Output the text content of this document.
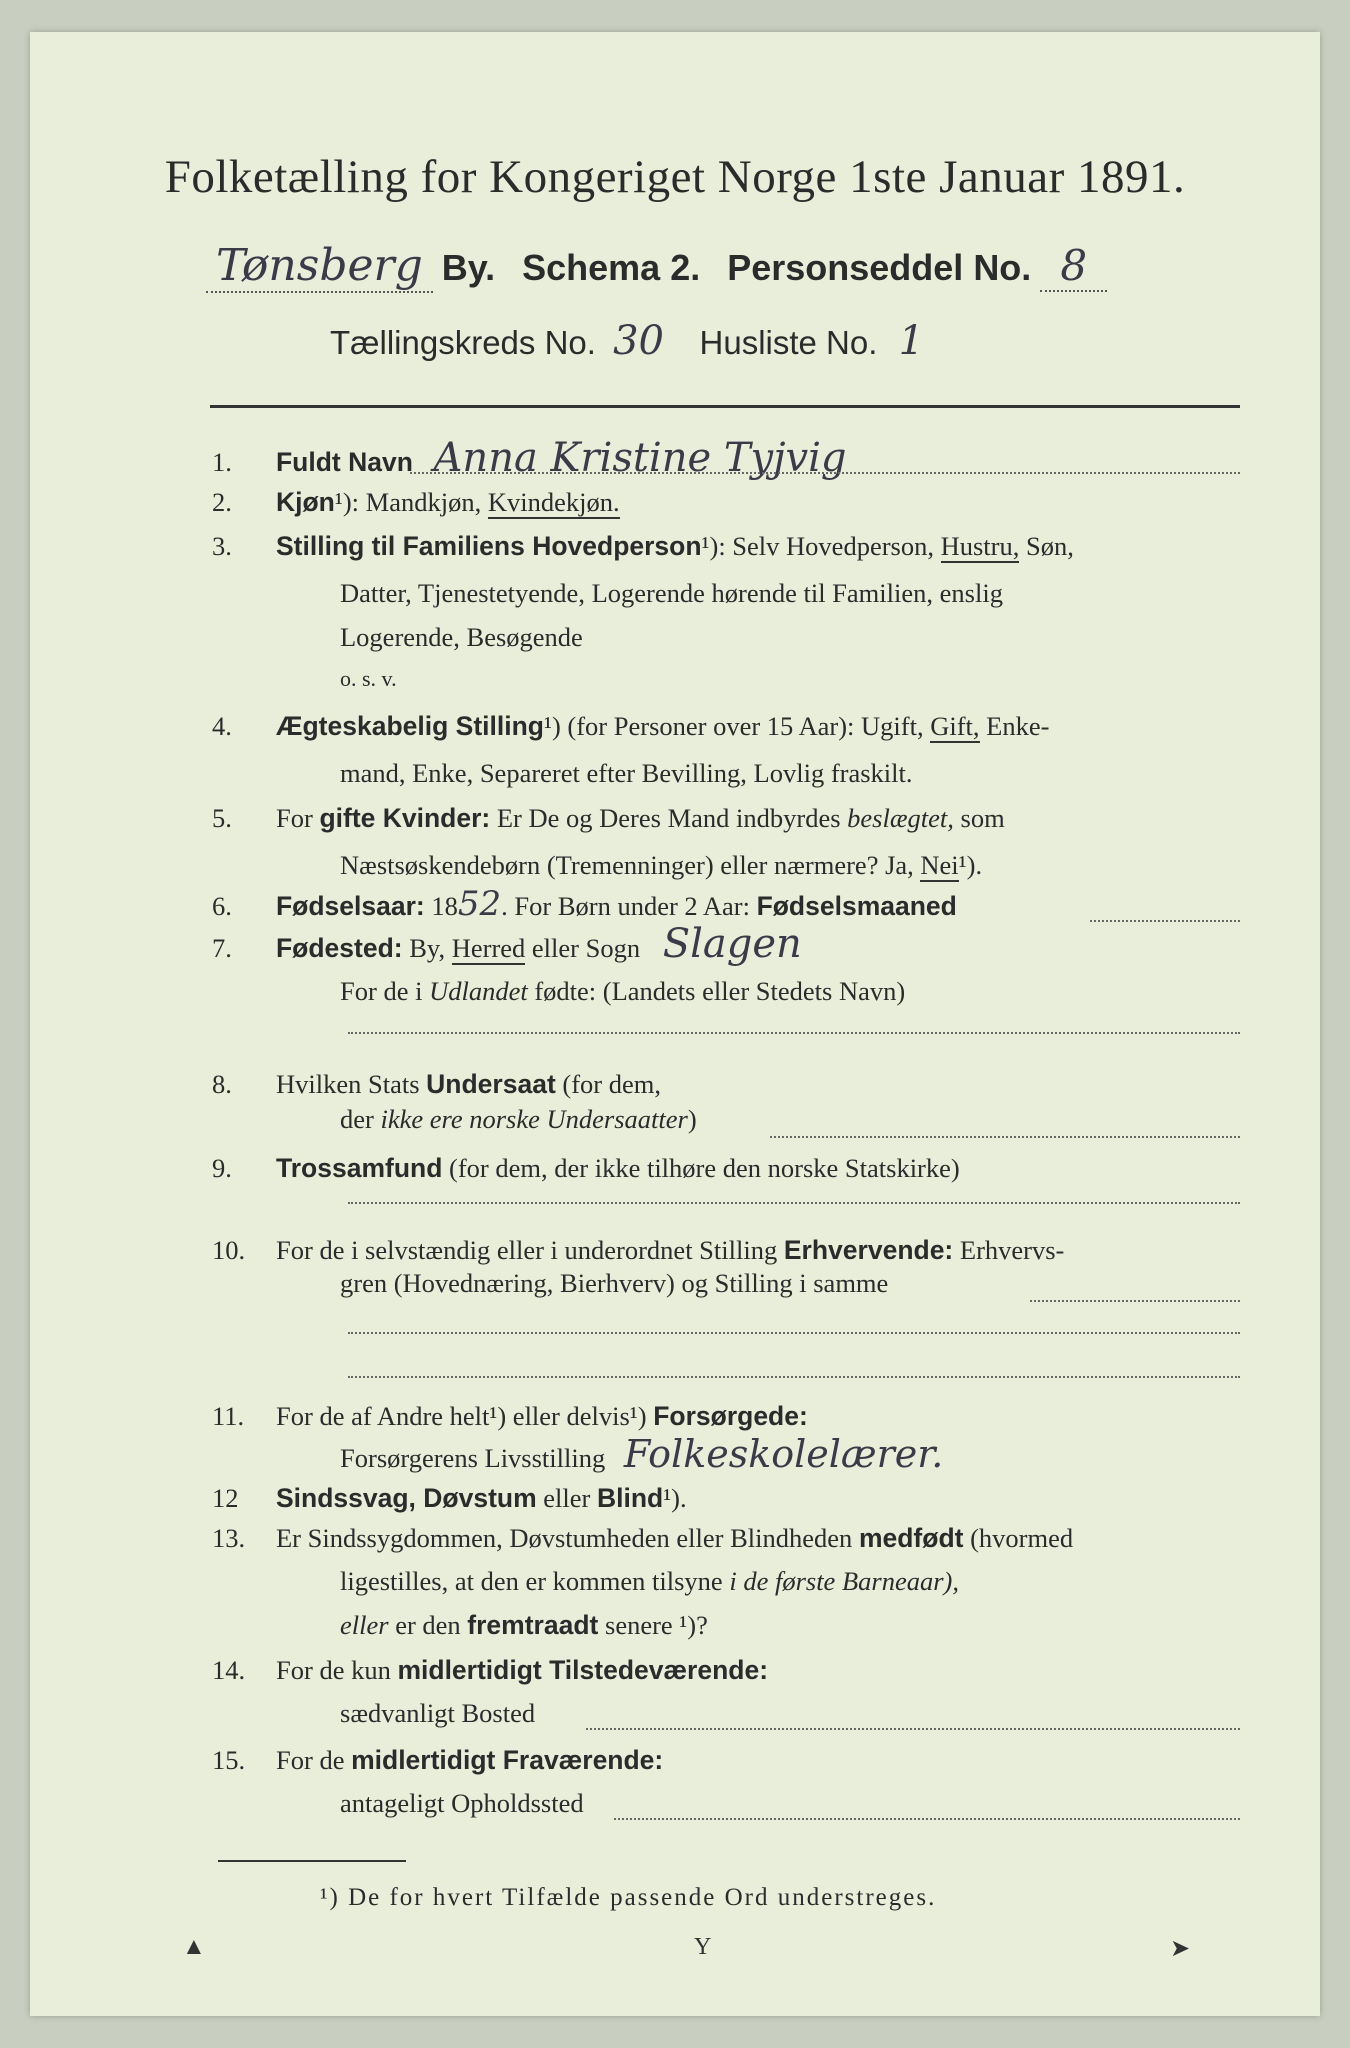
Folketælling for Kongeriget Norge 1ste Januar 1891.
Tønsberg By. Schema 2. Personseddel No. 8
Tællingskreds No. 30 Husliste No. 1
1. Fuldt Navn Anna Kristine Tyjvig
2. Kjøn¹): Mandkjøn, Kvindekjøn.
3. Stilling til Familiens Hovedperson¹): Selv Hovedperson, Hustru, Søn,
Datter, Tjenestetyende, Logerende hørende til Familien, enslig
Logerende, Besøgende
o. s. v.
4. Ægteskabelig Stilling¹) (for Personer over 15 Aar): Ugift, Gift, Enke-
mand, Enke, Separeret efter Bevilling, Lovlig fraskilt.
5. For gifte Kvinder: Er De og Deres Mand indbyrdes beslægtet, som
Næstsøskendebørn (Tremenninger) eller nærmere? Ja, Nei¹).
6. Fødselsaar: 1852. For Børn under 2 Aar: Fødselsmaaned
7. Fødested: By, Herred eller Sogn Slagen
For de i Udlandet fødte: (Landets eller Stedets Navn)
8. Hvilken Stats Undersaat (for dem,
der ikke ere norske Undersaatter)
9. Trossamfund (for dem, der ikke tilhøre den norske Statskirke)
10. For de i selvstændig eller i underordnet Stilling Erhvervende: Erhvervs-
gren (Hovednæring, Bierhverv) og Stilling i samme
11. For de af Andre helt¹) eller delvis¹) Forsørgede:
Forsørgerens Livsstilling Folkeskolelærer.
12 Sindssvag, Døvstum eller Blind¹).
13. Er Sindssygdommen, Døvstumheden eller Blindheden medfødt (hvormed
ligestilles, at den er kommen tilsyne i de første Barneaar),
eller er den fremtraadt senere ¹)?
14. For de kun midlertidigt Tilstedeværende:
sædvanligt Bosted
15. For de midlertidigt Fraværende:
antageligt Opholdssted
¹) De for hvert Tilfælde passende Ord understreges.
▲	Y	➤
